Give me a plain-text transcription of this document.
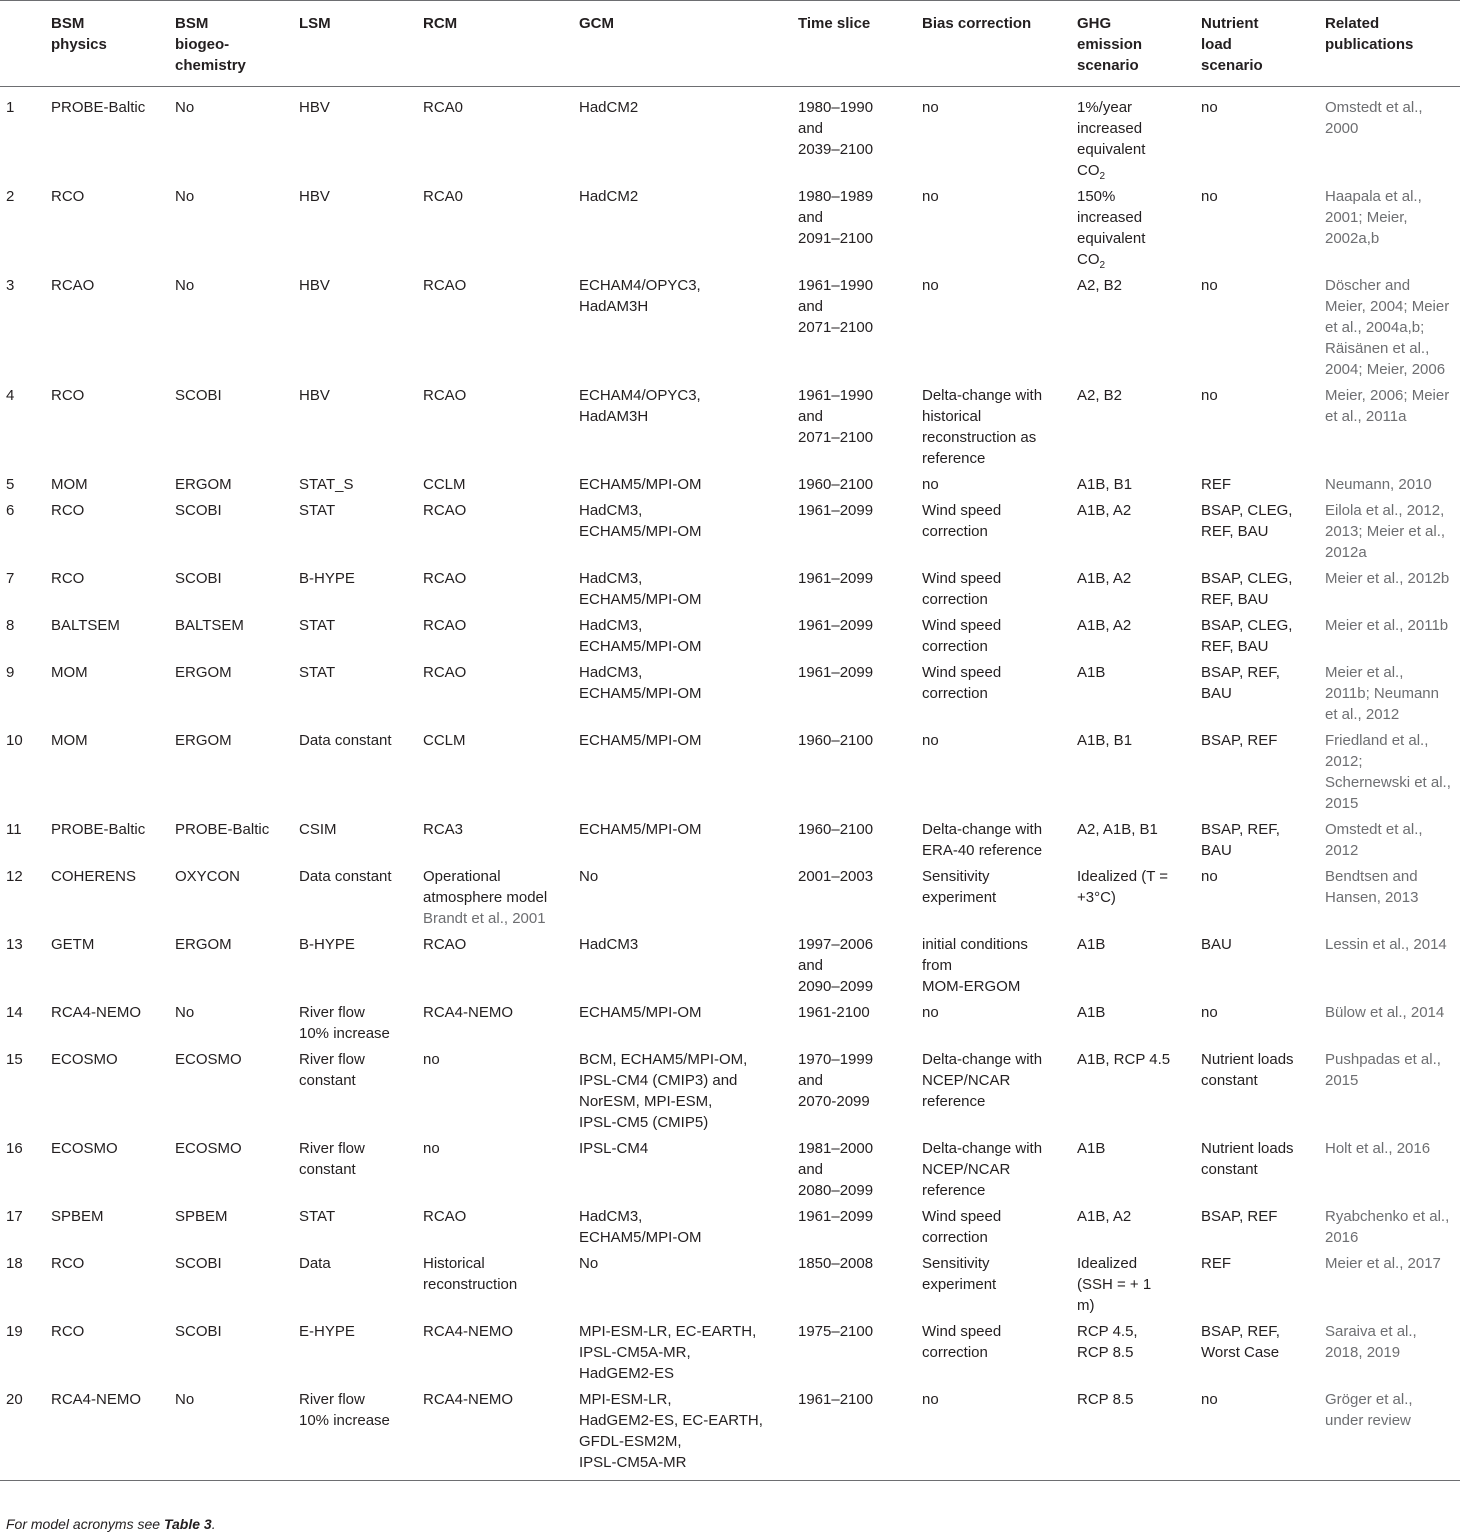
	BSM
physics	BSM
biogeo-
chemistry	LSM	RCM	GCM	Time slice	Bias correction	GHG
emission
scenario	Nutrient
load
scenario	Related
publications
1	PROBE-Baltic	No	HBV	RCA0	HadCM2	1980–1990
and
2039–2100	no	1%/year
increased
equivalent
$CO_2$	no	Omstedt et al.,
2000
2	RCO	No	HBV	RCA0	HadCM2	1980–1989
and
2091–2100	no	150%
increased
equivalent
$CO_2$	no	Haapala et al.,
2001; Meier,
2002a,b
3	RCAO	No	HBV	RCAO	ECHAM4/OPYC3,
HadAM3H	1961–1990
and
2071–2100	no	A2, B2	no	Döscher and
Meier, 2004; Meier
et al., 2004a,b;
Räisänen et al.,
2004; Meier, 2006
4	RCO	SCOBI	HBV	RCAO	ECHAM4/OPYC3,
HadAM3H	1961–1990
and
2071–2100	Delta-change with
historical
reconstruction as
reference	A2, B2	no	Meier, 2006; Meier
et al., 2011a
5	MOM	ERGOM	STAT_S	CCLM	ECHAM5/MPI-OM	1960–2100	no	A1B, B1	REF	Neumann, 2010
6	RCO	SCOBI	STAT	RCAO	HadCM3,
ECHAM5/MPI-OM	1961–2099	Wind speed
correction	A1B, A2	BSAP, CLEG,
REF, BAU	Eilola et al., 2012,
2013; Meier et al.,
2012a
7	RCO	SCOBI	B-HYPE	RCAO	HadCM3,
ECHAM5/MPI-OM	1961–2099	Wind speed
correction	A1B, A2	BSAP, CLEG,
REF, BAU	Meier et al., 2012b
8	BALTSEM	BALTSEM	STAT	RCAO	HadCM3,
ECHAM5/MPI-OM	1961–2099	Wind speed
correction	A1B, A2	BSAP, CLEG,
REF, BAU	Meier et al., 2011b
9	MOM	ERGOM	STAT	RCAO	HadCM3,
ECHAM5/MPI-OM	1961–2099	Wind speed
correction	A1B	BSAP, REF,
BAU	Meier et al.,
2011b; Neumann
et al., 2012
10	MOM	ERGOM	Data constant	CCLM	ECHAM5/MPI-OM	1960–2100	no	A1B, B1	BSAP, REF	Friedland et al.,
2012;
Schernewski et al.,
2015
11	PROBE-Baltic	PROBE-Baltic	CSIM	RCA3	ECHAM5/MPI-OM	1960–2100	Delta-change with
ERA-40 reference	A2, A1B, B1	BSAP, REF,
BAU	Omstedt et al.,
2012
12	COHERENS	OXYCON	Data constant	Operational
atmosphere model
Brandt et al., 2001	No	2001–2003	Sensitivity
experiment	Idealized (T =
+3°C)	no	Bendtsen and
Hansen, 2013
13	GETM	ERGOM	B-HYPE	RCAO	HadCM3	1997–2006
and
2090–2099	initial conditions
from
MOM-ERGOM	A1B	BAU	Lessin et al., 2014
14	RCA4-NEMO	No	River flow
10% increase	RCA4-NEMO	ECHAM5/MPI-OM	1961-2100	no	A1B	no	Bülow et al., 2014
15	ECOSMO	ECOSMO	River flow
constant	no	BCM, ECHAM5/MPI-OM,
IPSL-CM4 (CMIP3) and
NorESM, MPI-ESM,
IPSL-CM5 (CMIP5)	1970–1999
and
2070-2099	Delta-change with
NCEP/NCAR
reference	A1B, RCP 4.5	Nutrient loads
constant	Pushpadas et al.,
2015
16	ECOSMO	ECOSMO	River flow
constant	no	IPSL-CM4	1981–2000
and
2080–2099	Delta-change with
NCEP/NCAR
reference	A1B	Nutrient loads
constant	Holt et al., 2016
17	SPBEM	SPBEM	STAT	RCAO	HadCM3,
ECHAM5/MPI-OM	1961–2099	Wind speed
correction	A1B, A2	BSAP, REF	Ryabchenko et al.,
2016
18	RCO	SCOBI	Data	Historical
reconstruction	No	1850–2008	Sensitivity
experiment	Idealized
(SSH = + 1
m)	REF	Meier et al., 2017
19	RCO	SCOBI	E-HYPE	RCA4-NEMO	MPI-ESM-LR, EC-EARTH,
IPSL-CM5A-MR,
HadGEM2-ES	1975–2100	Wind speed
correction	RCP 4.5,
RCP 8.5	BSAP, REF,
Worst Case	Saraiva et al.,
2018, 2019
20	RCA4-NEMO	No	River flow
10% increase	RCA4-NEMO	MPI-ESM-LR,
HadGEM2-ES, EC-EARTH,
GFDL-ESM2M,
IPSL-CM5A-MR	1961–2100	no	RCP 8.5	no	Gröger et al.,
under review
For model acronyms see Table 3.
